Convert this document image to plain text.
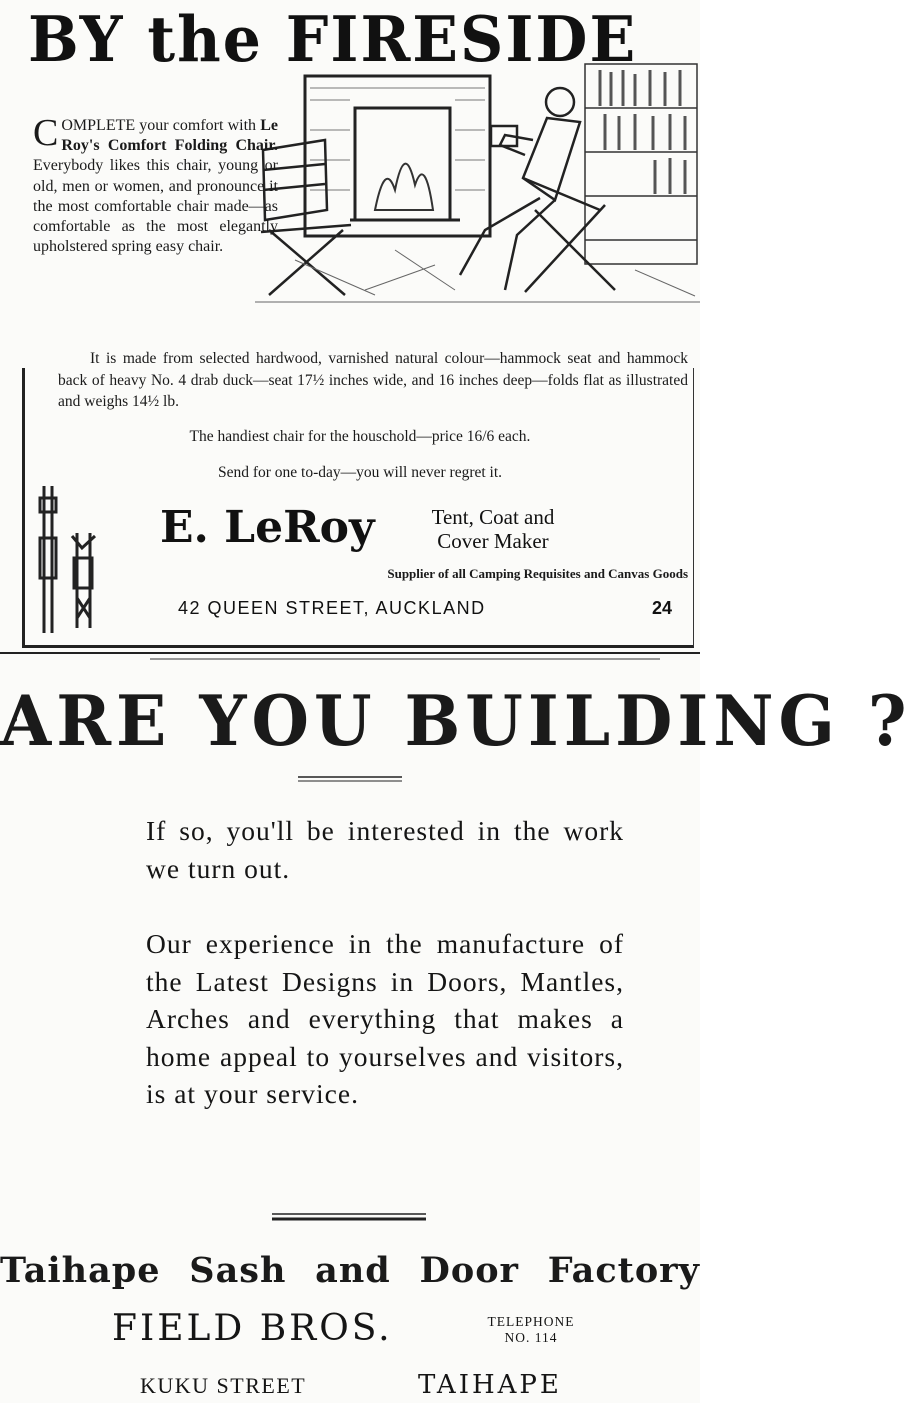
BY the FIRESIDE
COMPLETE your comfort with Le Roy's Comfort Folding Chair. Everybody likes this chair, young or old, men or women, and pronounce it the most comfortable chair made—as comfortable as the most elegantly upholstered spring easy chair.
It is made from selected hardwood, varnished natural colour—hammock seat and hammock back of heavy No. 4 drab duck—seat 17½ inches wide, and 16 inches deep—folds flat as illustrated and weighs 14½ lb.
The handiest chair for the houschold—price 16/6 each.
Send for one to-day—you will never regret it.
E. LeRoy	Tent, Coat and
Cover Maker
Supplier of all Camping Requisites and Canvas Goods
42 QUEEN STREET, AUCKLAND	24
ARE YOU BUILDING ?
If so, you'll be interested in the work we turn out.
Our experience in the manufacture of the Latest Designs in Doors, Mantles, Arches and everything that makes a home appeal to yourselves and visitors, is at your service.
Taihape Sash and Door Factory
FIELD BROS.	TELEPHONE
NO. 114
KUKU STREET	TAIHAPE
